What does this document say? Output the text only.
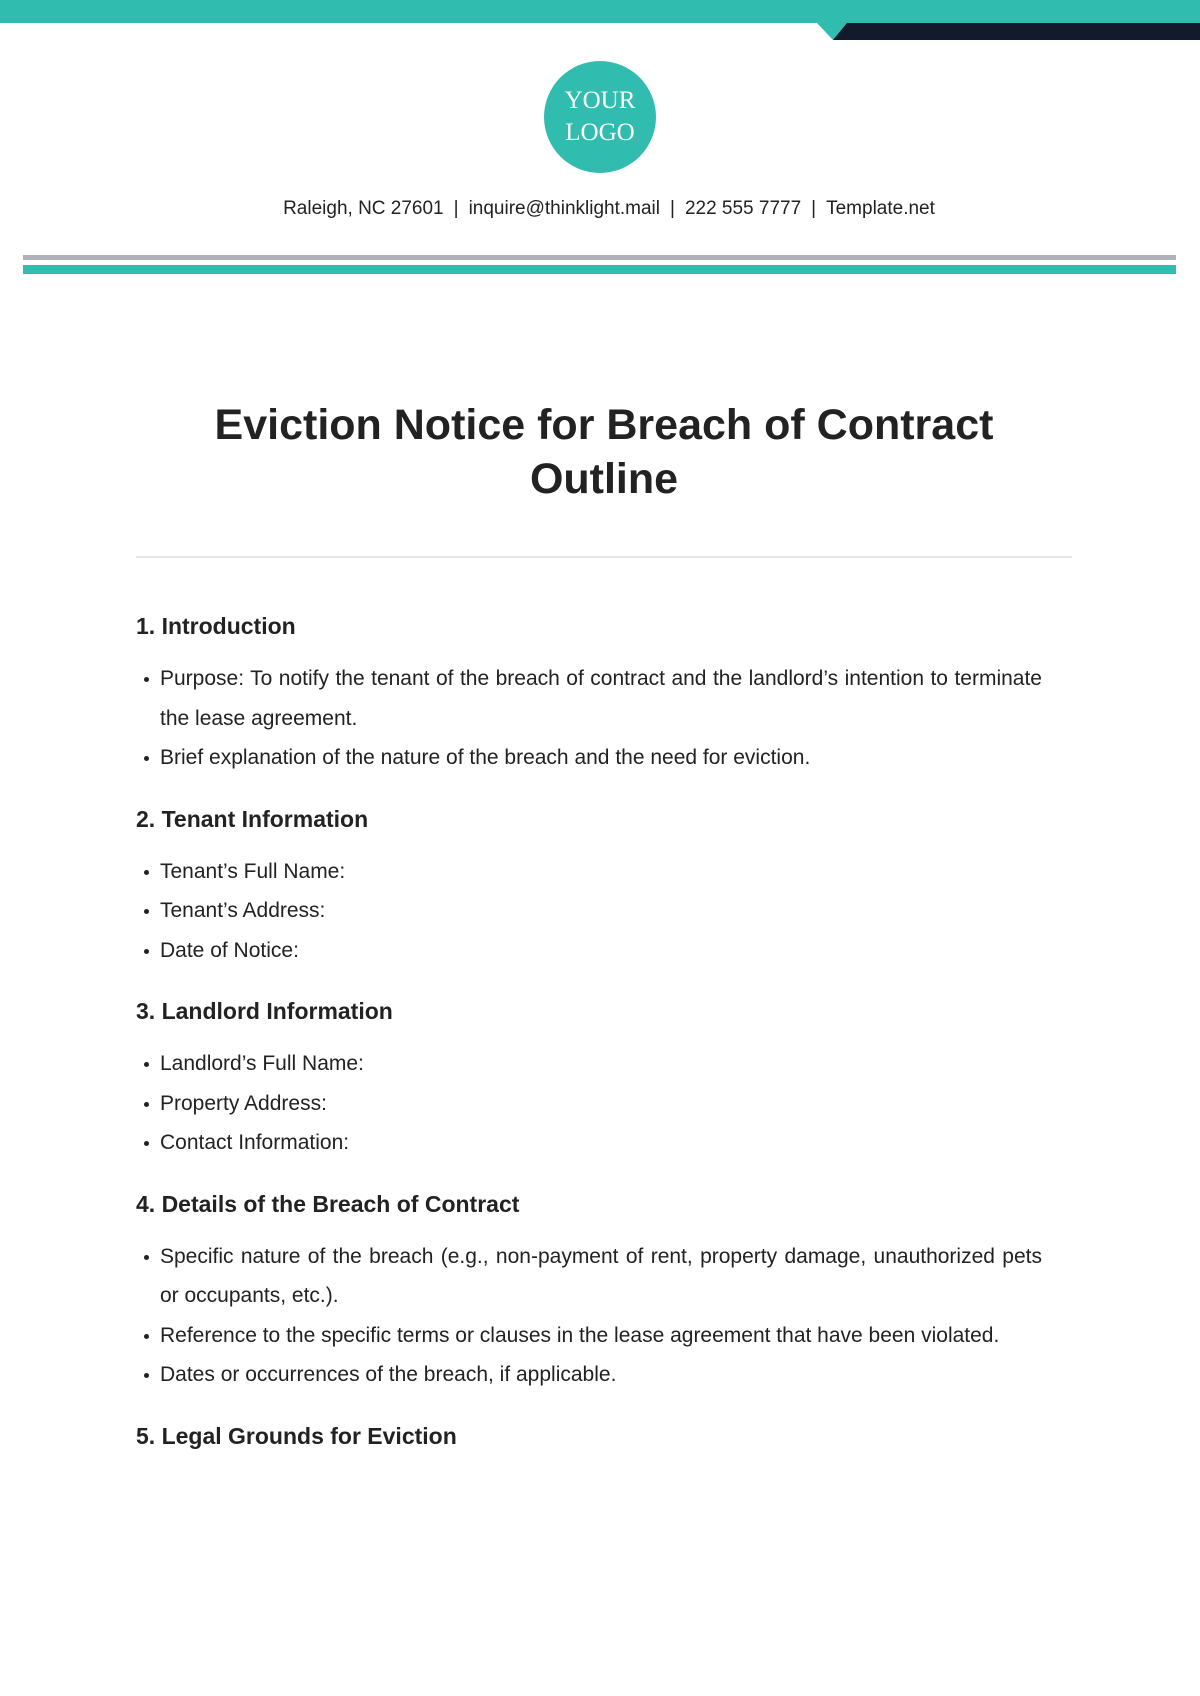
YOUR
LOGO
Raleigh, NC 27601 | inquire@thinklight.mail | 222 555 7777 | Template.net
Eviction Notice for Breach of Contract Outline
1. Introduction
Purpose: To notify the tenant of the breach of contract and the landlord’s intention to terminate the lease agreement.
Brief explanation of the nature of the breach and the need for eviction.
2. Tenant Information
Tenant’s Full Name:
Tenant’s Address:
Date of Notice:
3. Landlord Information
Landlord’s Full Name:
Property Address:
Contact Information:
4. Details of the Breach of Contract
Specific nature of the breach (e.g., non-payment of rent, property damage, unauthorized pets or occupants, etc.).
Reference to the specific terms or clauses in the lease agreement that have been violated.
Dates or occurrences of the breach, if applicable.
5. Legal Grounds for Eviction
